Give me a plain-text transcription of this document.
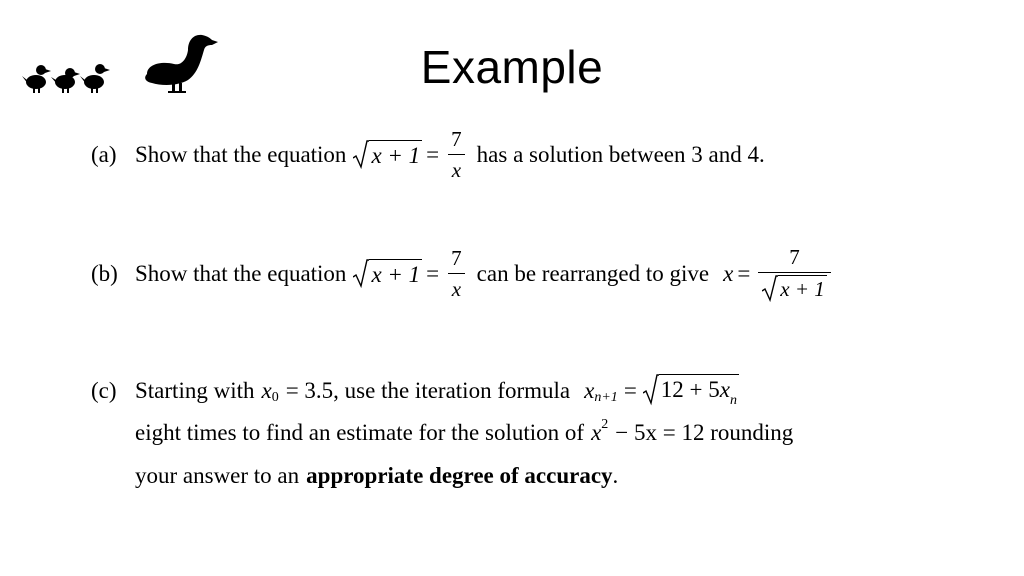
Example
(a) Show that the equation $x + 1 = \frac{7}{x}$ has a solution between 3 and 4.
(b) Show that the equation $x + 1 = \frac{7}{x}$ can be rearranged to give $x = \frac{7}{x + 1}$
(c) Starting with x 0 = 3.5, use the iteration formula x $n+1 = 12 + 5x_n$
eight times to find an estimate for the solution of x 2 − 5x = 12 rounding
your answer to an appropriate degree of accuracy .
